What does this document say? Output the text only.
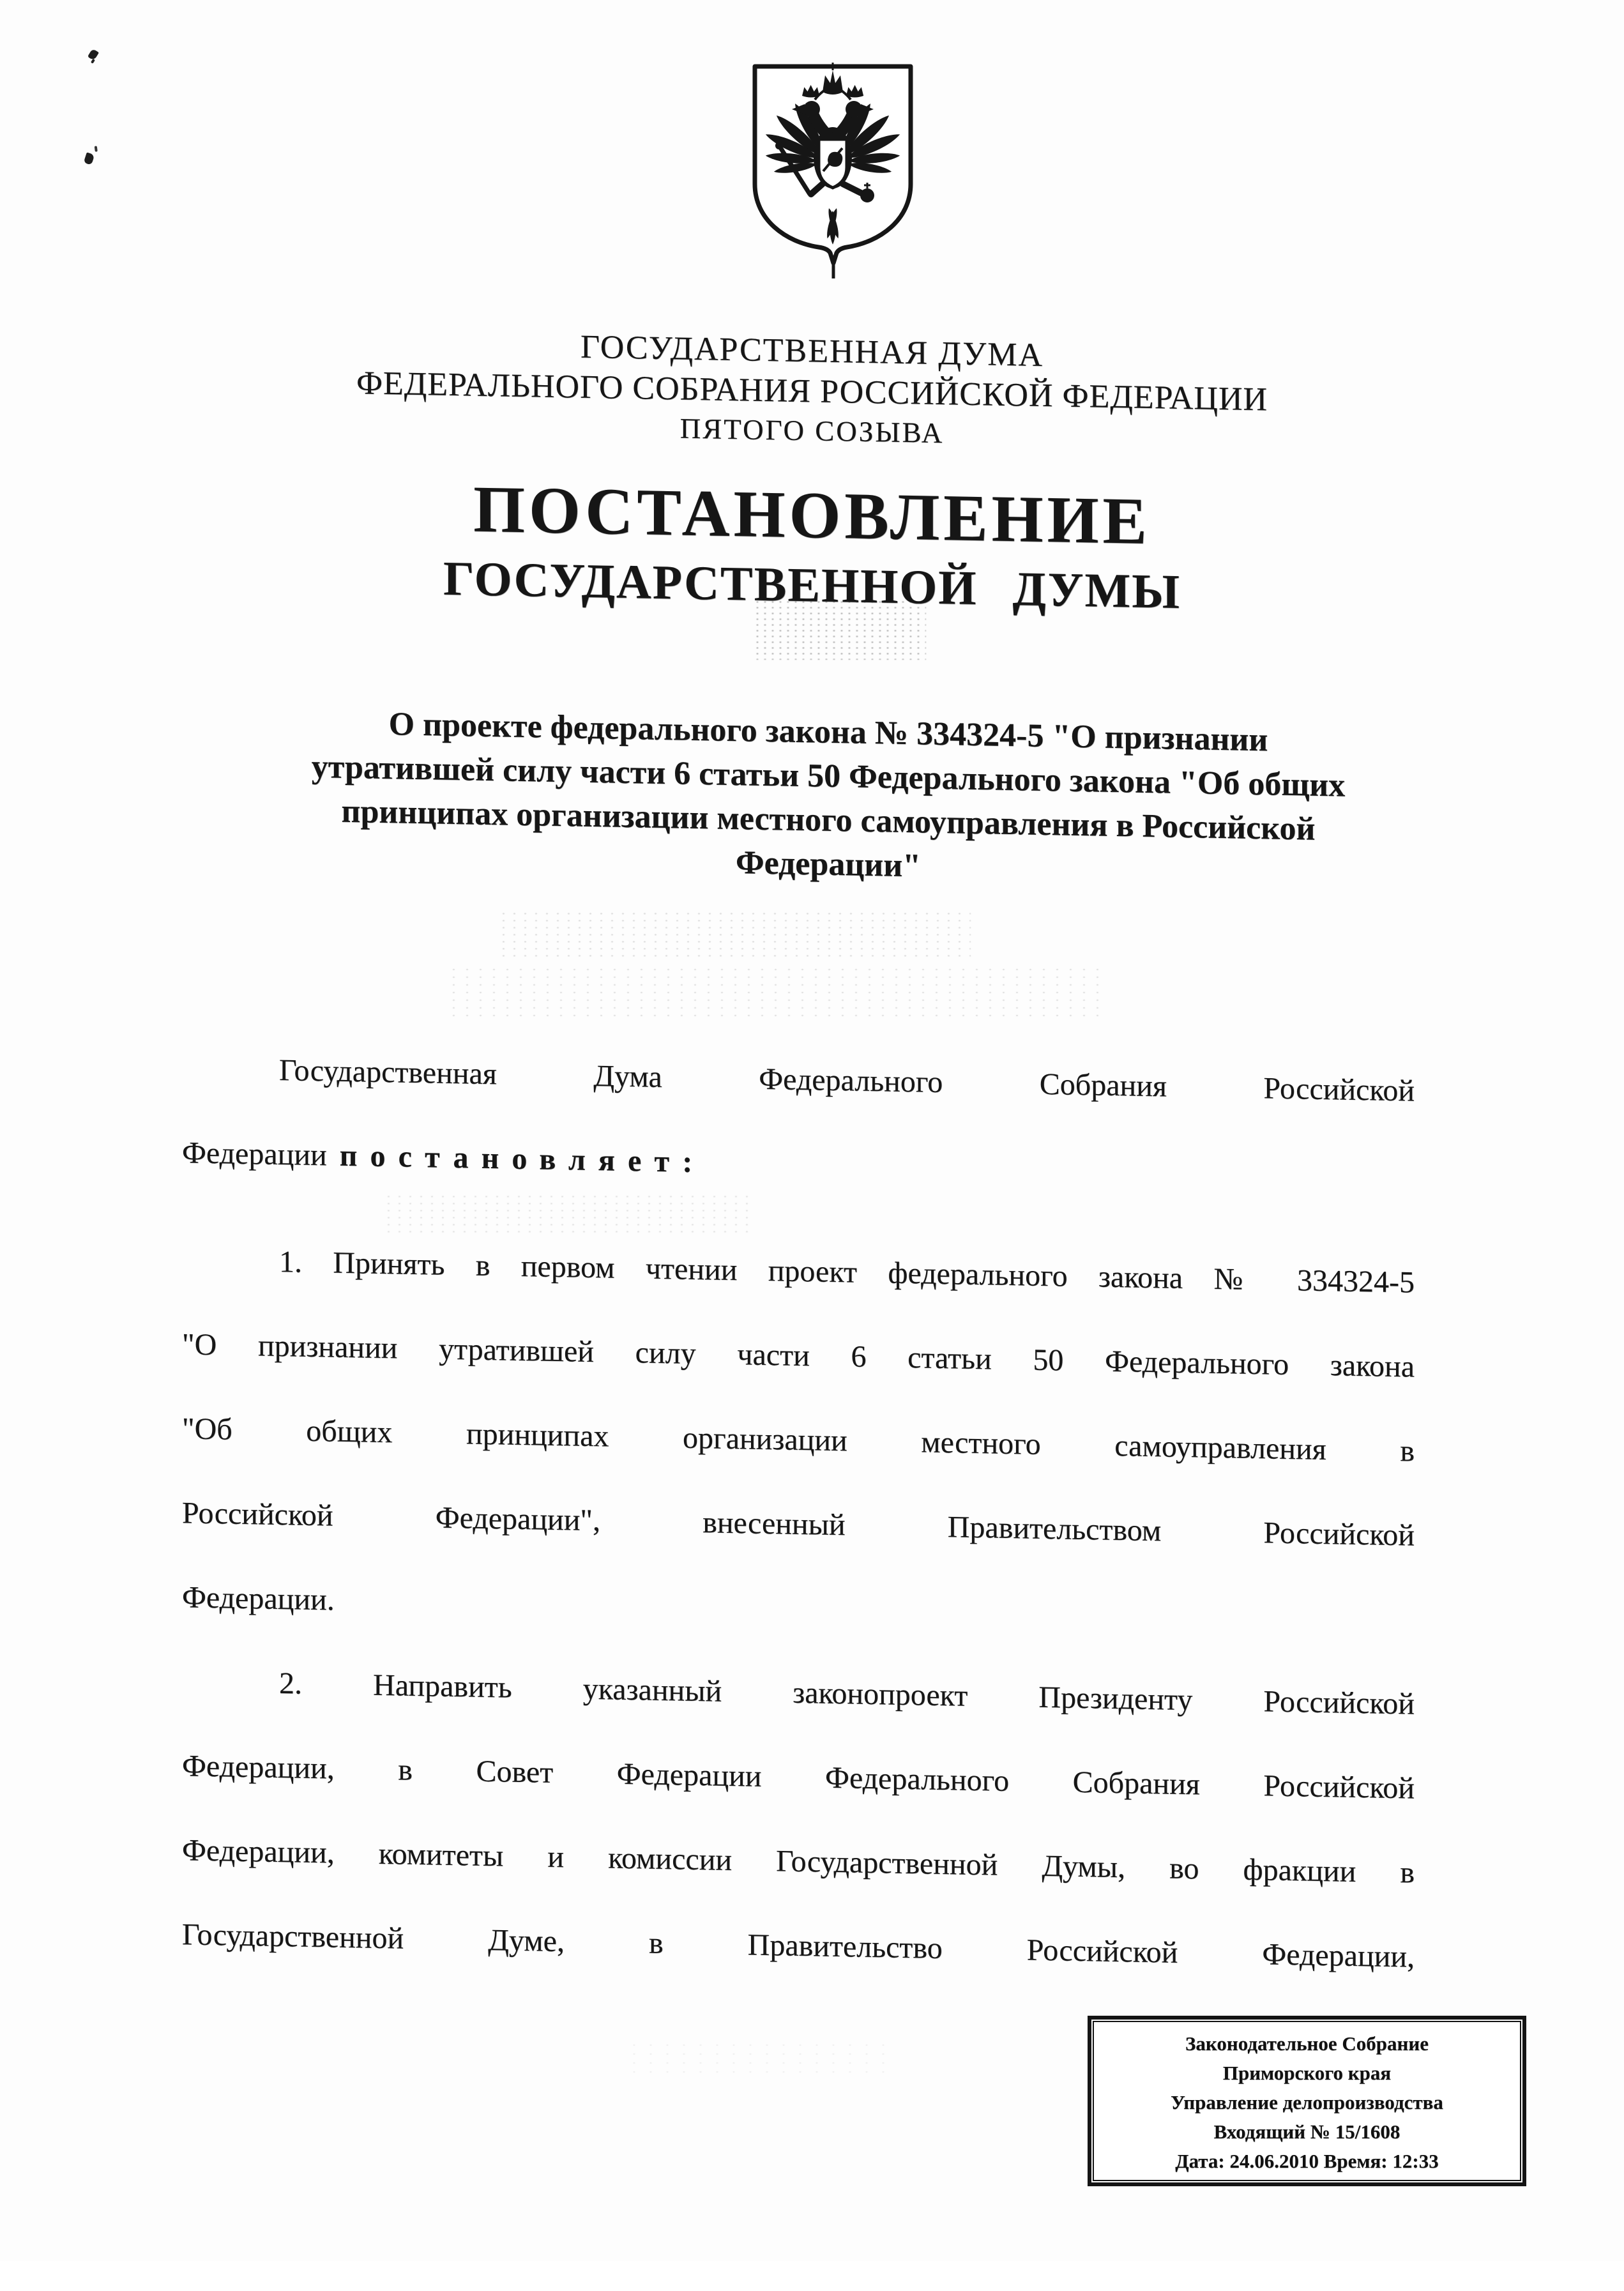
ГОСУДАРСТВЕННАЯ ДУМА
ФЕДЕРАЛЬНОГО СОБРАНИЯ РОССИЙСКОЙ ФЕДЕРАЦИИ
ПЯТОГО СОЗЫВА
ПОСТАНОВЛЕНИЕ
ГОСУДАРСТВЕННОЙ ДУМЫ
О проекте федерального закона № 334324-5 "О признании
утратившей силу части 6 статьи 50 Федерального закона "Об общих
принципах организации местного самоуправления в Российской
Федерации"
Государственная Дума Федерального Собрания Российской
Федерации постановляет:
1. Принять в первом чтении проект федерального закона № 334324-5
"О признании утратившей силу части 6 статьи 50 Федерального закона
"Об общих принципах организации местного самоуправления в
Российской Федерации", внесенный Правительством Российской
Федерации.
2. Направить указанный законопроект Президенту Российской
Федерации, в Совет Федерации Федерального Собрания Российской
Федерации, комитеты и комиссии Государственной Думы, во фракции в
Государственной Думе, в Правительство Российской Федерации,
Законодательное Собрание
Приморского края
Управление делопроизводства
Входящий № 15/1608
Дата: 24.06.2010 Время: 12:33
